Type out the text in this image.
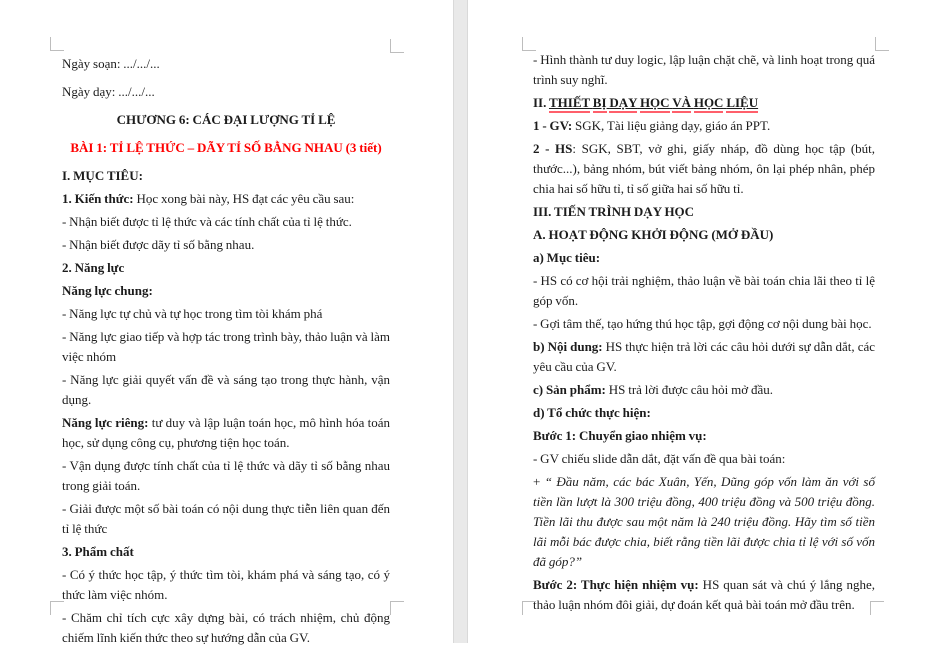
Ngày soạn: .../.../...

Ngày dạy: .../.../...

CHƯƠNG 6: CÁC ĐẠI LƯỢNG TỈ LỆ

BÀI 1: TỈ LỆ THỨC – DÃY TỈ SỐ BẰNG NHAU (3 tiết)

I. MỤC TIÊU:

1. Kiến thức: Học xong bài này, HS đạt các yêu cầu sau:

- Nhận biết được tỉ lệ thức và các tính chất của tỉ lệ thức.

- Nhận biết được dãy tỉ số bằng nhau.

2. Năng lực

Năng lực chung:

- Năng lực tự chủ và tự học trong tìm tòi khám phá

- Năng lực giao tiếp và hợp tác trong trình bày, thảo luận và làm việc nhóm

- Năng lực giải quyết vấn đề và sáng tạo trong thực hành, vận dụng.

Năng lực riêng: tư duy và lập luận toán học, mô hình hóa toán học, sử dụng công cụ, phương tiện học toán.

- Vận dụng được tính chất của tỉ lệ thức và dãy tỉ số bằng nhau trong giải toán.

- Giải được một số bài toán có nội dung thực tiễn liên quan đến tỉ lệ thức

3. Phẩm chất

- Có ý thức học tập, ý thức tìm tòi, khám phá và sáng tạo, có ý thức làm việc nhóm.

- Chăm chỉ tích cực xây dựng bài, có trách nhiệm, chủ động chiếm lĩnh kiến thức theo sự hướng dẫn của GV.

- Hình thành tư duy logic, lập luận chặt chẽ, và linh hoạt trong quá trình suy nghĩ.

II. THIẾT BỊ DẠY HỌC VÀ HỌC LIỆU

1 - GV: SGK, Tài liệu giảng dạy, giáo án PPT.

2 - HS: SGK, SBT, vở ghi, giấy nháp, đồ dùng học tập (bút, thước...), bảng nhóm, bút viết bảng nhóm, ôn lại phép nhân, phép chia hai số hữu tỉ, tỉ số giữa hai số hữu tỉ.

III. TIẾN TRÌNH DẠY HỌC

A. HOẠT ĐỘNG KHỞI ĐỘNG (MỞ ĐẦU)

a) Mục tiêu:

- HS có cơ hội trải nghiệm, thảo luận về bài toán chia lãi theo tỉ lệ góp vốn.

- Gợi tâm thế, tạo hứng thú học tập, gợi động cơ nội dung bài học.

b) Nội dung: HS thực hiện trả lời các câu hỏi dưới sự dẫn dắt, các yêu cầu của GV.

c) Sản phẩm: HS trả lời được câu hỏi mở đầu.

d) Tổ chức thực hiện:

Bước 1: Chuyển giao nhiệm vụ:

- GV chiếu slide dẫn dắt, đặt vấn đề qua bài toán:

+ “ Đầu năm, các bác Xuân, Yến, Dũng góp vốn làm ăn với số tiền lần lượt là 300 triệu đồng, 400 triệu đồng và 500 triệu đồng. Tiền lãi thu được sau một năm là 240 triệu đồng. Hãy tìm số tiền lãi mỗi bác được chia, biết rằng tiền lãi được chia tỉ lệ với số vốn đã góp?”

Bước 2: Thực hiện nhiệm vụ: HS quan sát và chú ý lắng nghe, thảo luận nhóm đôi giải, dự đoán kết quả bài toán mở đầu trên.
